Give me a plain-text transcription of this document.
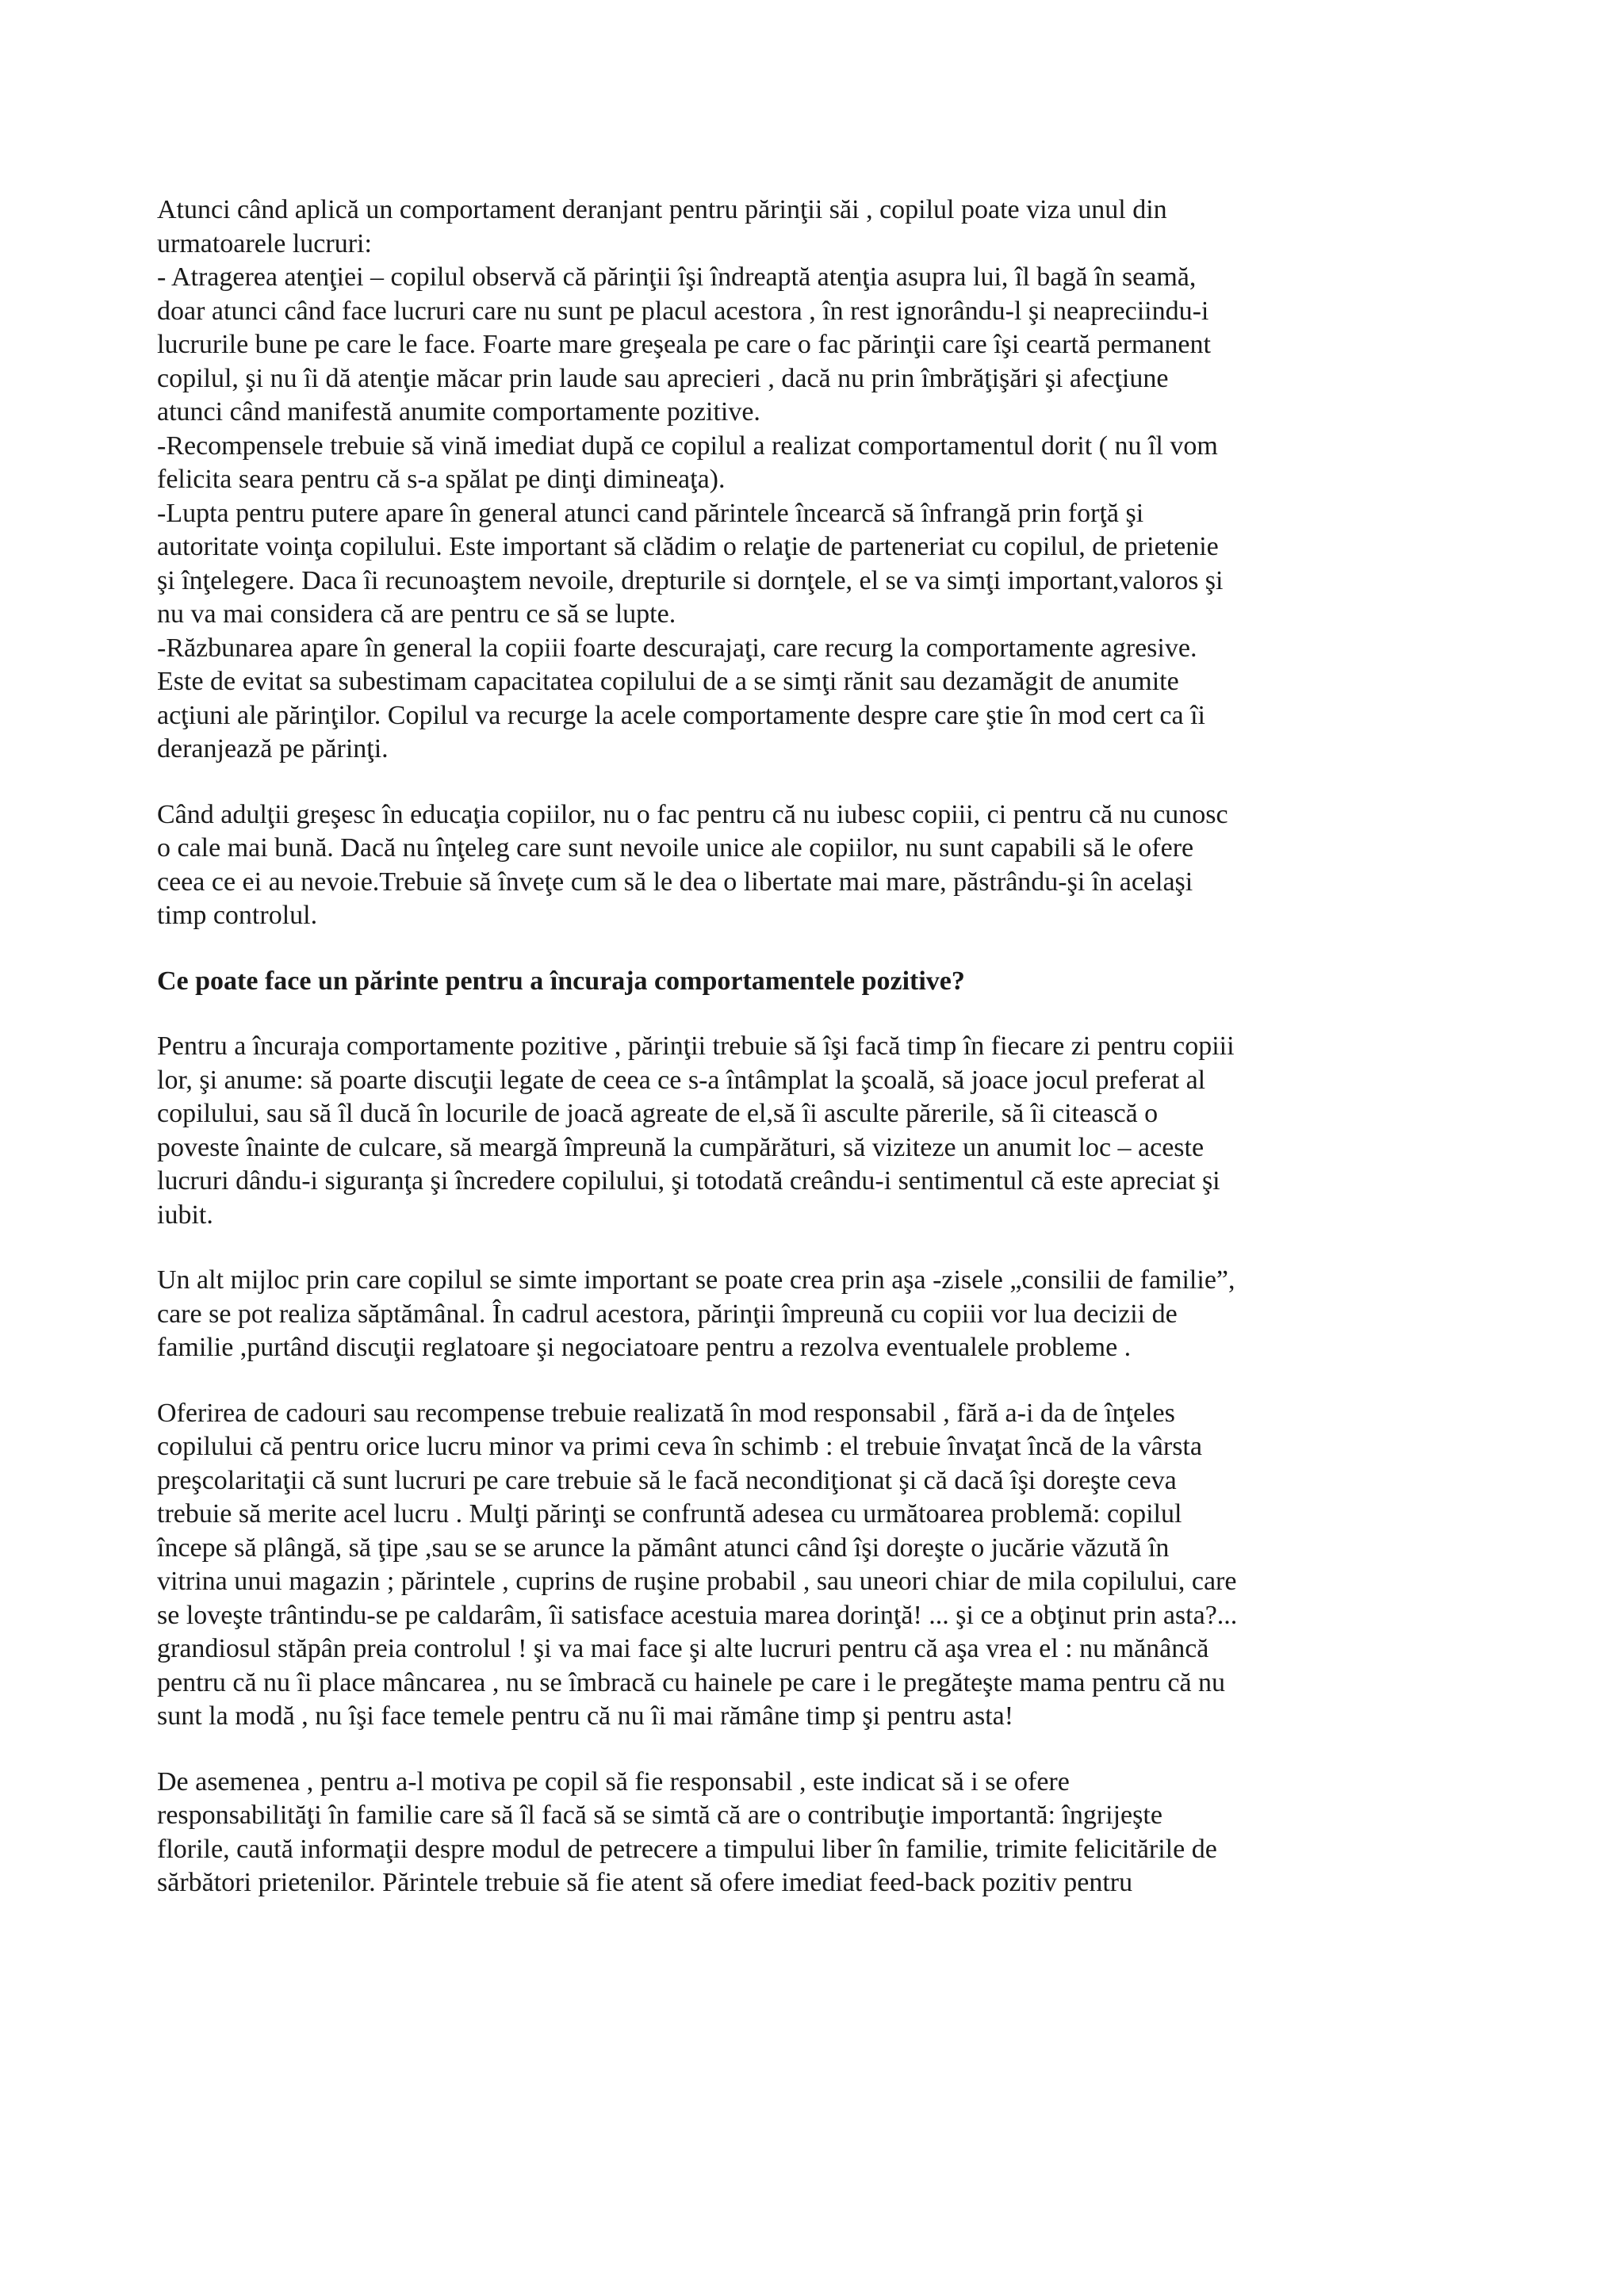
Atunci când aplică un comportament deranjant pentru părinţii săi , copilul poate viza unul din
urmatoarele lucruri:
- Atragerea atenţiei – copilul observă că părinţii îşi îndreaptă atenţia asupra lui, îl bagă în seamă,
doar atunci când face lucruri care nu sunt pe placul acestora , în rest ignorându-l şi neapreciindu-i
lucrurile bune pe care le face. Foarte mare greşeala pe care o fac părinţii care îşi ceartă permanent
copilul, şi nu îi dă atenţie măcar prin laude sau aprecieri , dacă nu prin îmbrăţişări şi afecţiune
atunci când manifestă anumite comportamente pozitive.
-Recompensele trebuie să vină imediat după ce copilul a realizat comportamentul dorit ( nu îl vom
felicita seara pentru că s-a spălat pe dinţi dimineaţa).
-Lupta pentru putere apare în general atunci cand părintele încearcă să înfrangă prin forţă şi
autoritate voinţa copilului. Este important să clădim o relaţie de parteneriat cu copilul, de prietenie
şi înţelegere. Daca îi recunoaştem nevoile, drepturile si dornţele, el se va simţi important,valoros şi
nu va mai considera că are pentru ce să se lupte.
-Răzbunarea apare în general la copiii foarte descurajaţi, care recurg la comportamente agresive.
Este de evitat sa subestimam capacitatea copilului de a se simţi rănit sau dezamăgit de anumite
acţiuni ale părinţilor. Copilul va recurge la acele comportamente despre care ştie în mod cert ca îi
deranjează pe părinţi.

Când adulţii greşesc în educaţia copiilor, nu o fac pentru că nu iubesc copiii, ci pentru că nu cunosc
o cale mai bună. Dacă nu înţeleg care sunt nevoile unice ale copiilor, nu sunt capabili să le ofere
ceea ce ei au nevoie.Trebuie să înveţe cum să le dea o libertate mai mare, păstrându-şi în acelaşi
timp controlul.

Ce poate face un părinte pentru a încuraja comportamentele pozitive?

Pentru a încuraja comportamente pozitive , părinţii trebuie să îşi facă timp în fiecare zi pentru copiii
lor, şi anume: să poarte discuţii legate de ceea ce s-a întâmplat la şcoală, să joace jocul preferat al
copilului, sau să îl ducă în locurile de joacă agreate de el,să îi asculte părerile, să îi citească o
poveste înainte de culcare, să meargă împreună la cumpărături, să viziteze un anumit loc – aceste
lucruri dându-i siguranţa şi încredere copilului, şi totodată creându-i sentimentul că este apreciat şi
iubit.

Un alt mijloc prin care copilul se simte important se poate crea prin aşa -zisele „consilii de familie”,
care se pot realiza săptămânal. În cadrul acestora, părinţii împreună cu copiii vor lua decizii de
familie ,purtând discuţii reglatoare şi negociatoare pentru a rezolva eventualele probleme .

Oferirea de cadouri sau recompense trebuie realizată în mod responsabil , fără a-i da de înţeles
copilului că pentru orice lucru minor va primi ceva în schimb : el trebuie învaţat încă de la vârsta
preşcolaritaţii că sunt lucruri pe care trebuie să le facă necondiţionat şi că dacă îşi doreşte ceva
trebuie să merite acel lucru . Mulţi părinţi se confruntă adesea cu următoarea problemă: copilul
începe să plângă, să ţipe ,sau se se arunce la pământ atunci când îşi doreşte o jucărie văzută în
vitrina unui magazin ; părintele , cuprins de ruşine probabil , sau uneori chiar de mila copilului, care
se loveşte trântindu-se pe caldarâm, îi satisface acestuia marea dorinţă! ... şi ce a obţinut prin asta?...
grandiosul stăpân preia controlul ! şi va mai face şi alte lucruri pentru că aşa vrea el : nu mănâncă
pentru că nu îi place mâncarea , nu se îmbracă cu hainele pe care i le pregăteşte mama pentru că nu
sunt la modă , nu îşi face temele pentru că nu îi mai rămâne timp şi pentru asta!

De asemenea , pentru a-l motiva pe copil să fie responsabil , este indicat să i se ofere
responsabilităţi în familie care să îl facă să se simtă că are o contribuţie importantă: îngrijeşte
florile, caută informaţii despre modul de petrecere a timpului liber în familie, trimite felicitările de
sărbători prietenilor. Părintele trebuie să fie atent să ofere imediat feed-back pozitiv pentru
